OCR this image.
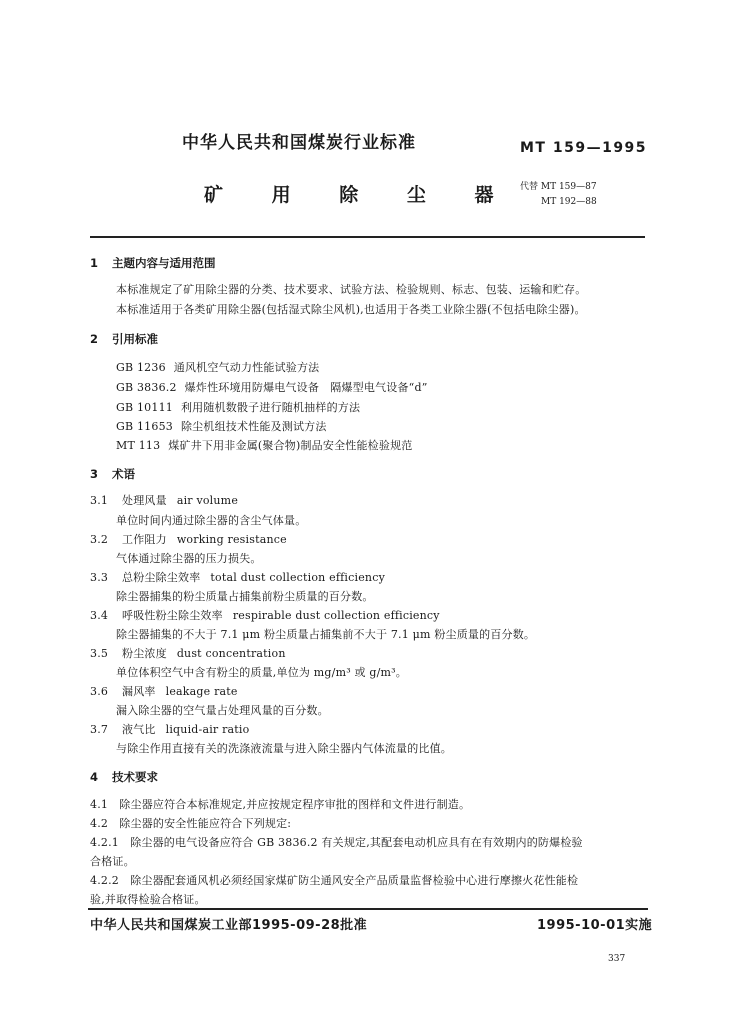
中华人民共和国煤炭行业标准	MT 159—1995
矿 用 除 尘 器 代替 MT 159—87
MT 192—88
1 主题内容与适用范围
本标准规定了矿用除尘器的分类、技术要求、试验方法、检验规则、标志、包装、运输和贮存。
本标准适用于各类矿用除尘器(包括湿式除尘风机),也适用于各类工业除尘器(不包括电除尘器)。
2 引用标准
GB 1236 通风机空气动力性能试验方法
GB 3836.2 爆炸性环境用防爆电气设备　隔爆型电气设备“d”
GB 10111 利用随机数骰子进行随机抽样的方法
GB 11653 除尘机组技术性能及测试方法
MT 113 煤矿井下用非金属(聚合物)制品安全性能检验规范
3 术语
3.1 处理风量 air volume
单位时间内通过除尘器的含尘气体量。
3.2 工作阻力 working resistance
气体通过除尘器的压力损失。
3.3 总粉尘除尘效率 total dust collection efficiency
除尘器捕集的粉尘质量占捕集前粉尘质量的百分数。
3.4 呼吸性粉尘除尘效率 respirable dust collection efficiency
除尘器捕集的不大于 7.1 μm 粉尘质量占捕集前不大于 7.1 μm 粉尘质量的百分数。
3.5 粉尘浓度 dust concentration
单位体积空气中含有粉尘的质量,单位为 mg/m³ 或 g/m³。
3.6 漏风率 leakage rate
漏入除尘器的空气量占处理风量的百分数。
3.7 液气比 liquid-air ratio
与除尘作用直接有关的洗涤液流量与进入除尘器内气体流量的比值。
4 技术要求
4.1　除尘器应符合本标准规定,并应按规定程序审批的图样和文件进行制造。
4.2　除尘器的安全性能应符合下列规定:
4.2.1　除尘器的电气设备应符合 GB 3836.2 有关规定,其配套电动机应具有在有效期内的防爆检验
合格证。
4.2.2　除尘器配套通风机必须经国家煤矿防尘通风安全产品质量监督检验中心进行摩擦火花性能检
验,并取得检验合格证。
中华人民共和国煤炭工业部1995-09-28批准	1995-10-01实施
337
